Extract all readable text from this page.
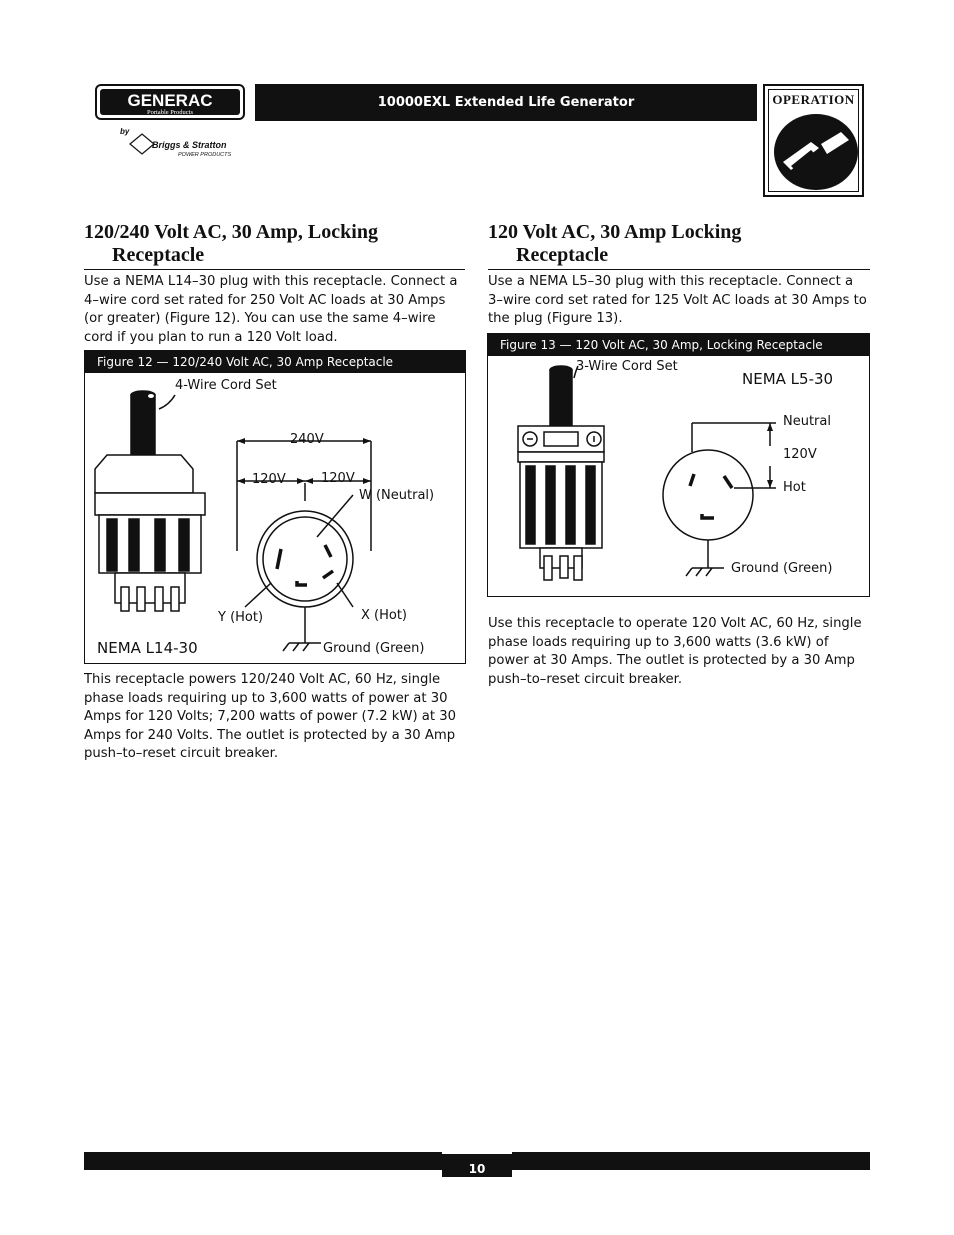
GENERAC
Portable Products
by
Briggs & Stratton
POWER PRODUCTS
10000EXL Extended Life Generator	OPERATION
120/240 Volt AC, 30 Amp, Locking
Receptacle
Use a NEMA L14–30 plug with this receptacle. Connect a 4–wire cord set rated for 250 Volt AC loads at 30 Amps (or greater) (Figure 12). You can use the same 4–wire cord if you plan to run a 120 Volt load.
Figure 12 — 120/240 Volt AC, 30 Amp Receptacle
4-Wire Cord Set
240V
120V	120V
W (Neutral)
Y (Hot)	X (Hot)
Ground (Green)
NEMA L14-30
This receptacle powers 120/240 Volt AC, 60 Hz, single phase loads requiring up to 3,600 watts of power at 30 Amps for 120 Volts; 7,200 watts of power (7.2 kW) at 30 Amps for 240 Volts. The outlet is protected by a 30 Amp push–to–reset circuit breaker.
120 Volt AC, 30 Amp Locking
Receptacle
Use a NEMA L5–30 plug with this receptacle. Connect a 3–wire cord set rated for 125 Volt AC loads at 30 Amps to the plug (Figure 13).
Figure 13 — 120 Volt AC, 30 Amp, Locking Receptacle
3-Wire Cord Set
NEMA L5-30
Neutral
120V
Hot
Ground (Green)
Use this receptacle to operate 120 Volt AC, 60 Hz, single phase loads requiring up to 3,600 watts (3.6 kW) of power at 30 Amps. The outlet is protected by a 30 Amp push–to–reset circuit breaker.
10
